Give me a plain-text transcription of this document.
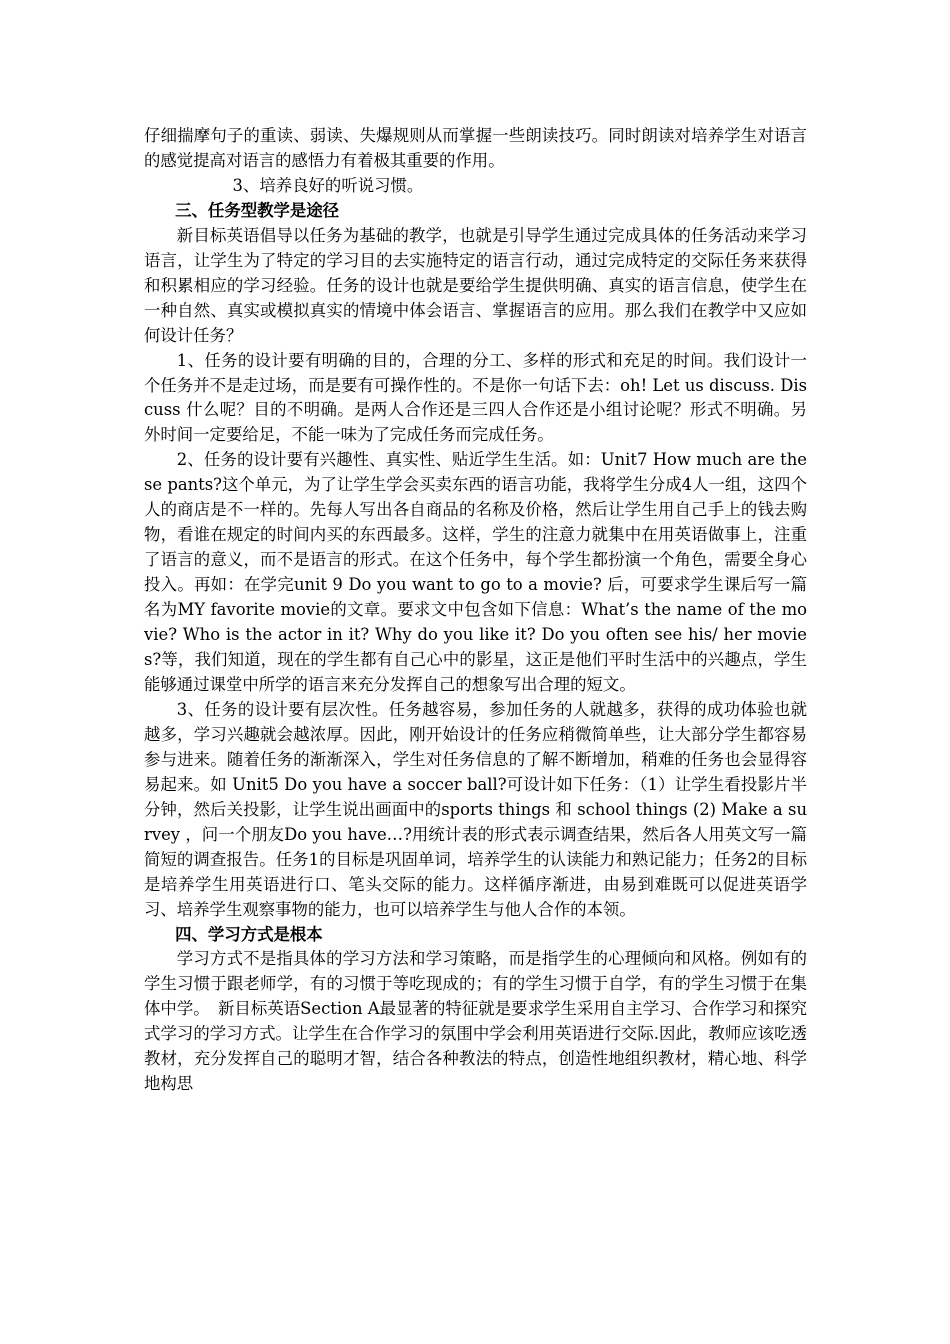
仔细揣摩句子的重读、弱读、失爆规则从而掌握一些朗读技巧。同时朗读对培养学生对语言的感觉提高对语言的感悟力有着极其重要的作用。

3、培养良好的听说习惯。

三、任务型教学是途径

新目标英语倡导以任务为基础的教学，也就是引导学生通过完成具体的任务活动来学习语言，让学生为了特定的学习目的去实施特定的语言行动，通过完成特定的交际任务来获得和积累相应的学习经验。任务的设计也就是要给学生提供明确、真实的语言信息，使学生在一种自然、真实或模拟真实的情境中体会语言、掌握语言的应用。那么我们在教学中又应如何设计任务？

1、任务的设计要有明确的目的，合理的分工、多样的形式和充足的时间。我们设计一个任务并不是走过场，而是要有可操作性的。不是你一句话下去：oh! Let us discuss. Discuss 什么呢？目的不明确。是两人合作还是三四人合作还是小组讨论呢？形式不明确。另外时间一定要给足，不能一味为了完成任务而完成任务。

2、任务的设计要有兴趣性、真实性、贴近学生生活。如：Unit7 How much are these pants?这个单元，为了让学生学会买卖东西的语言功能，我将学生分成4人一组，这四个人的商店是不一样的。先每人写出各自商品的名称及价格，然后让学生用自己手上的钱去购物，看谁在规定的时间内买的东西最多。这样，学生的注意力就集中在用英语做事上，注重了语言的意义，而不是语言的形式。在这个任务中，每个学生都扮演一个角色，需要全身心投入。再如：在学完unit 9 Do you want to go to a movie? 后，可要求学生课后写一篇名为MY favorite movie的文章。要求文中包含如下信息：What’s the name of the movie? Who is the actor in it? Why do you like it? Do you often see his/ her movies?等，我们知道，现在的学生都有自己心中的影星，这正是他们平时生活中的兴趣点，学生能够通过课堂中所学的语言来充分发挥自己的想象写出合理的短文。

3、任务的设计要有层次性。任务越容易，参加任务的人就越多，获得的成功体验也就越多，学习兴趣就会越浓厚。因此，刚开始设计的任务应稍微简单些，让大部分学生都容易参与进来。随着任务的渐渐深入，学生对任务信息的了解不断增加，稍难的任务也会显得容易起来。如 Unit5 Do you have a soccer ball?可设计如下任务：（1）让学生看投影片半分钟，然后关投影，让学生说出画面中的sports things 和 school things (2) Make a survey ，问一个朋友Do you have…?用统计表的形式表示调查结果，然后各人用英文写一篇简短的调查报告。任务1的目标是巩固单词，培养学生的认读能力和熟记能力；任务2的目标是培养学生用英语进行口、笔头交际的能力。这样循序渐进，由易到难既可以促进英语学习、培养学生观察事物的能力，也可以培养学生与他人合作的本领。

四、学习方式是根本

学习方式不是指具体的学习方法和学习策略，而是指学生的心理倾向和风格。例如有的学生习惯于跟老师学，有的习惯于等吃现成的；有的学生习惯于自学，有的学生习惯于在集体中学。　新目标英语Section A最显著的特征就是要求学生采用自主学习、合作学习和探究式学习的学习方式。让学生在合作学习的氛围中学会利用英语进行交际.因此，教师应该吃透教材，充分发挥自己的聪明才智，结合各种教法的特点，创造性地组织教材，精心地、科学地构思
